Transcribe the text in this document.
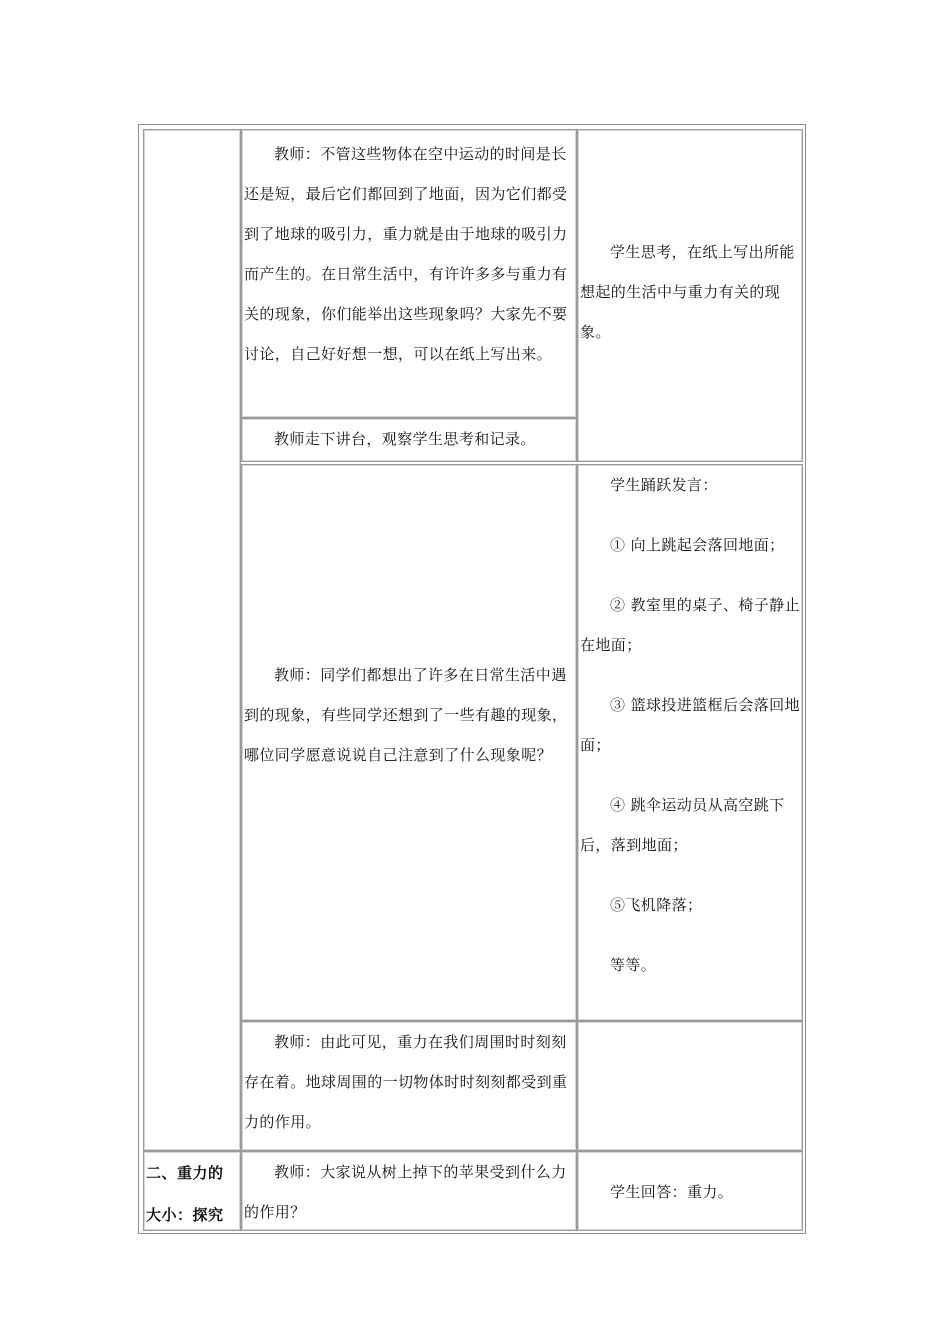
教师：不管这些物体在空中运动的时间是长还是短，最后它们都回到了地面，因为它们都受到了地球的吸引力，重力就是由于地球的吸引力而产生的。在日常生活中，有许许多多与重力有关的现象，你们能举出这些现象吗？大家先不要讨论，自己好好想一想，可以在纸上写出来。

教师走下讲台，观察学生思考和记录。

学生思考，在纸上写出所能想起的生活中与重力有关的现象。

教师：同学们都想出了许多在日常生活中遇到的现象，有些同学还想到了一些有趣的现象，哪位同学愿意说说自己注意到了什么现象呢？

学生踊跃发言：

① 向上跳起会落回地面；

② 教室里的桌子、椅子静止在地面；

③ 篮球投进篮框后会落回地面；

④ 跳伞运动员从高空跳下后，落到地面；

⑤飞机降落；

等等。

教师：由此可见，重力在我们周围时时刻刻存在着。地球周围的一切物体时时刻刻都受到重力的作用。

二、重力的

大小：探究

教师：大家说从树上掉下的苹果受到什么力的作用？

学生回答：重力。
